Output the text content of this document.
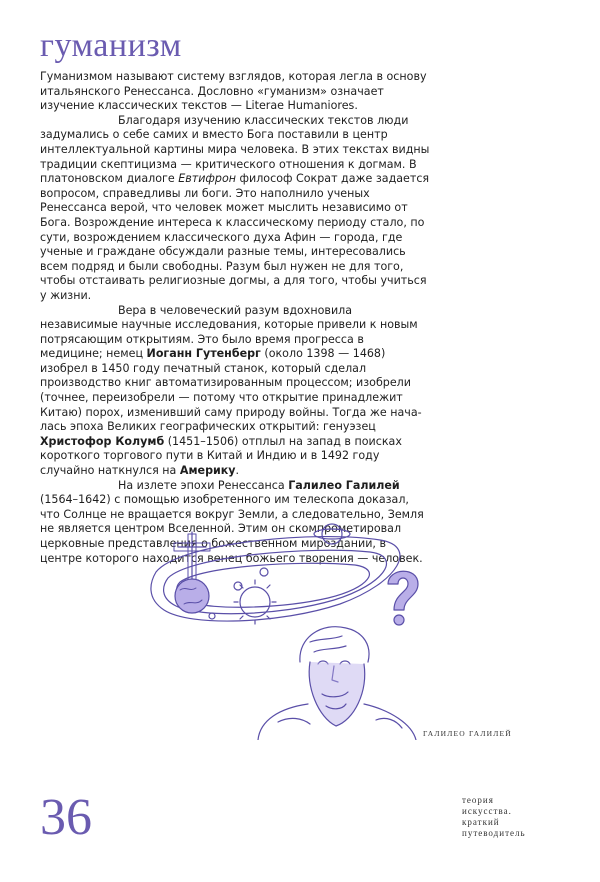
гуманизм

Гуманизмом называют систему взглядов, которая легла в основу итальянского Ренессанса. Дословно «гуманизм» означает изучение классических текстов — Literae Humaniores.

Благодаря изучению классических текстов люди задумались о себе самих и вместо Бога поставили в центр интеллектуальной картины мира человека. В этих текстах видны традиции скептицизма — критического отношения к догмам. В платоновском диалоге Евтифрон философ Сократ даже задается вопросом, справедливы ли боги. Это наполнило ученых Ренессанса верой, что человек может мыслить независимо от Бога. Возрождение интереса к классическому периоду стало, по сути, возрождением классического духа Афин — города, где ученые и граждане обсуждали разные темы, интересовались всем подряд и были свободны. Разум был нужен не для того, чтобы отстаивать религиозные догмы, а для того, чтобы учиться у жизни.

Вера в человеческий разум вдохновила независимые научные исследования, которые привели к новым потрясающим открытиям. Это было время прогресса в медицине; немец Иоганн Гутенберг (около 1398 — 1468) изобрел в 1450 году печатный станок, который сделал производство книг автоматизированным процессом; изобрели (точнее, переизобрели — потому что открытие принадлежит Китаю) порох, изменивший саму природу войны. Тогда же началась эпоха Великих географических открытий: генуэзец Христофор Колумб (1451–1506) отплыл на запад в поисках короткого торгового пути в Китай и Индию и в 1492 году случайно наткнулся на Америку.

На излете эпохи Ренессанса Галилео Галилей (1564–1642) с помощью изобретенного им телескопа доказал, что Солнце не вращается вокруг Земли, а следовательно, Земля не является центром Вселенной. Этим он скомпрометировал церковные представления о божественном мироздании, в центре которого находится венец божьего творения — человек.

ГАЛИЛЕО ГАЛИЛЕЙ
36	теория
искусства.
краткий
путеводитель
